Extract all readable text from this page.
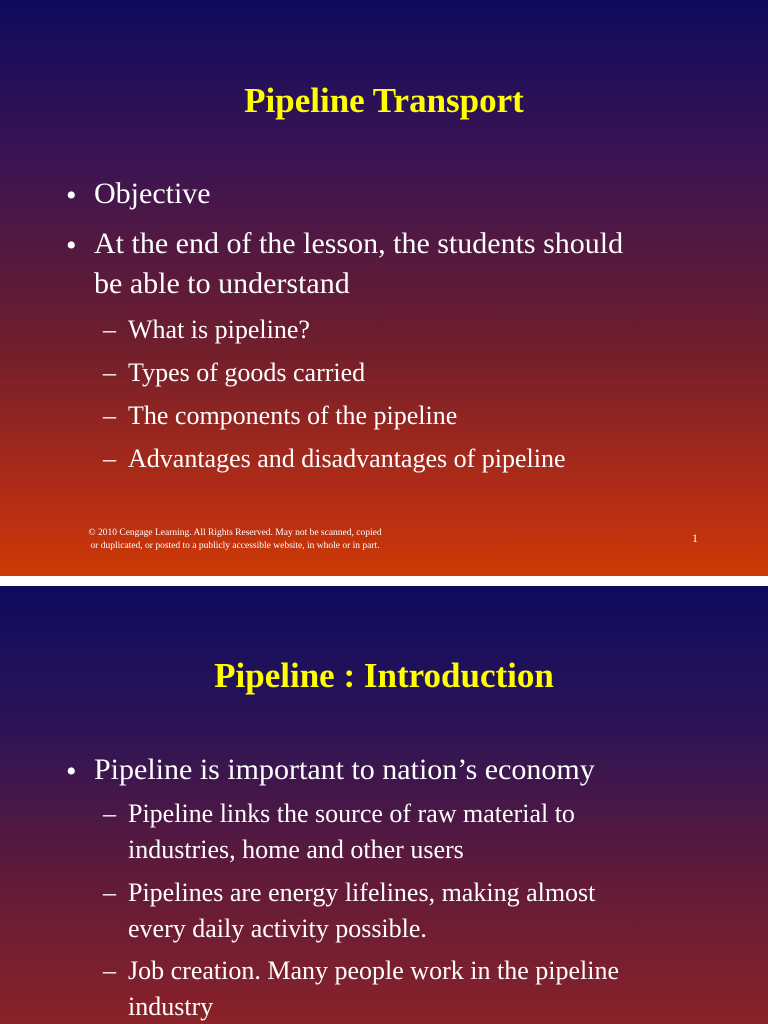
Pipeline Transport
• Objective

• At the end of the lesson, the students should

be able to understand

– What is pipeline?

– Types of goods carried

– The components of the pipeline

– Advantages and disadvantages of pipeline

© 2010 Cengage Learning. All Rights Reserved. May not be scanned, copied
or duplicated, or posted to a publicly accessible website, in whole or in part.
1
Pipeline : Introduction
• Pipeline is important to nation’s economy

– Pipeline links the source of raw material to

industries, home and other users

– Pipelines are energy lifelines, making almost

every daily activity possible.

– Job creation. Many people work in the pipeline

industry
